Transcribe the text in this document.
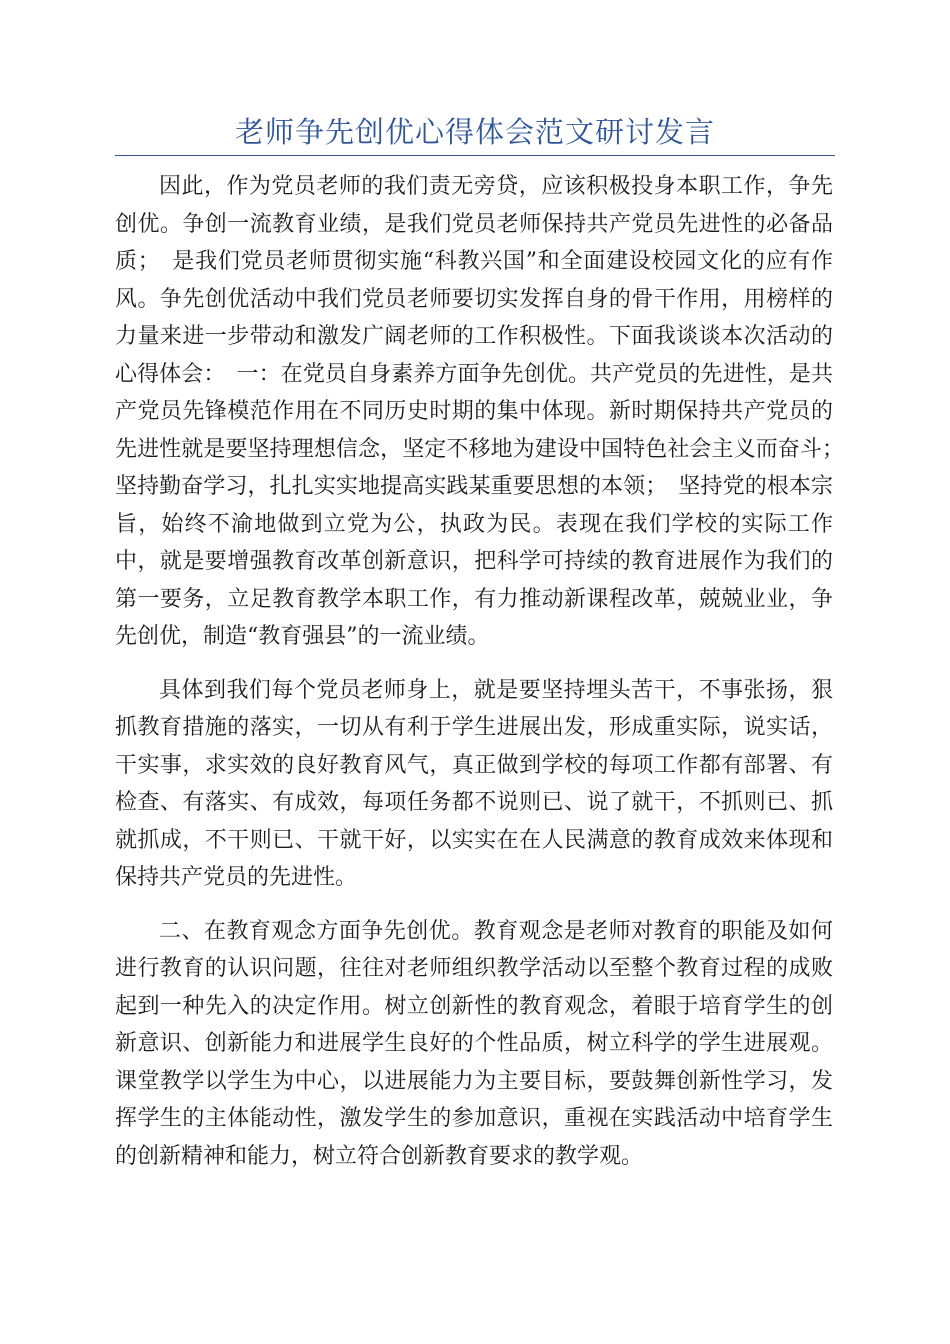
老师争先创优心得体会范文研讨发言

因此，作为党员老师的我们责无旁贷，应该积极投身本职工作，争先创优。争创一流教育业绩，是我们党员老师保持共产党员先进性的必备品质；　是我们党员老师贯彻实施“科教兴国”和全面建设校园文化的应有作风。争先创优活动中我们党员老师要切实发挥自身的骨干作用，用榜样的力量来进一步带动和激发广阔老师的工作积极性。下面我谈谈本次活动的心得体会：　一：在党员自身素养方面争先创优。共产党员的先进性，是共产党员先锋模范作用在不同历史时期的集中体现。新时期保持共产党员的先进性就是要坚持理想信念，坚定不移地为建设中国特色社会主义而奋斗；　坚持勤奋学习，扎扎实实地提高实践某重要思想的本领；　坚持党的根本宗旨，始终不渝地做到立党为公，执政为民。表现在我们学校的实际工作中，就是要增强教育改革创新意识，把科学可持续的教育进展作为我们的第一要务，立足教育教学本职工作，有力推动新课程改革，兢兢业业，争先创优，制造“教育强县”的一流业绩。

具体到我们每个党员老师身上，就是要坚持埋头苦干，不事张扬，狠抓教育措施的落实，一切从有利于学生进展出发，形成重实际，说实话，干实事，求实效的良好教育风气，真正做到学校的每项工作都有部署、有检查、有落实、有成效，每项任务都不说则已、说了就干，不抓则已、抓就抓成，不干则已、干就干好，以实实在在人民满意的教育成效来体现和保持共产党员的先进性。

二、在教育观念方面争先创优。教育观念是老师对教育的职能及如何进行教育的认识问题，往往对老师组织教学活动以至整个教育过程的成败起到一种先入的决定作用。树立创新性的教育观念，着眼于培育学生的创新意识、创新能力和进展学生良好的个性品质，树立科学的学生进展观。课堂教学以学生为中心，以进展能力为主要目标，要鼓舞创新性学习，发挥学生的主体能动性，激发学生的参加意识，重视在实践活动中培育学生的创新精神和能力，树立符合创新教育要求的教学观。
